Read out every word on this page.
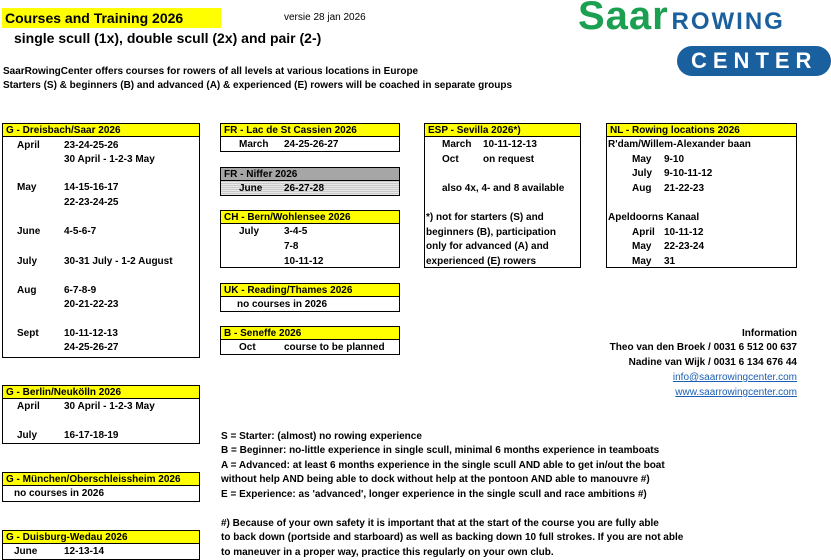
Courses and Training 2026	versie 28 jan 2026
single scull (1x), double scull (2x) and pair (2-)
SaarRowingCenter offers courses for rowers of all levels at various locations in Europe
Starters (S) & beginners (B) and advanced (A) & experienced (E) rowers will be coached in separate groups
Saar ROWING
CENTER
G - Dreisbach/Saar 2026
April 23-24-25-26
30 April - 1-2-3 May
May	14-15-16-17
22-23-24-25
June 4-5-6-7
July	30-31 July - 1-2 August
Aug	6-7-8-9
20-21-22-23
Sept	10-11-12-13
24-25-26-27
G - Berlin/Neukölln 2026
April 30 April - 1-2-3 May
July	16-17-18-19
G - München/Oberschleissheim 2026
no courses in 2026
G - Duisburg-Wedau 2026
June	12-13-14
FR - Lac de St Cassien 2026
March 24-25-26-27
FR - Niffer 2026
June 26-27-28
CH - Bern/Wohlensee 2026
July 3-4-5
7-8
10-11-12
UK - Reading/Thames 2026
no courses in 2026
B - Seneffe 2026
Oct	course to be planned
ESP - Sevilla 2026*)
March 10-11-12-13
Oct on request
also 4x, 4- and 8 available
*) not for starters (S) and
beginners (B), participation
only for advanced (A) and
experienced (E) rowers
NL - Rowing locations 2026
R'dam/Willem-Alexander baan
May 9-10
July 9-10-11-12
Aug 21-22-23
Apeldoorns Kanaal
April 10-11-12
May 22-23-24
May 31
Information
Theo van den Broek / 0031 6 512 00 637
Nadine van Wijk / 0031 6 134 676 44
info@saarrowingcenter.com
www.saarrowingcenter.com
S = Starter: (almost) no rowing experience
B = Beginner: no-little experience in single scull, minimal 6 months experience in teamboats
A = Advanced: at least 6 months experience in the single scull AND able to get in/out the boat
without help AND being able to dock without help at the pontoon AND able to manouvre #)
E = Experience: as 'advanced', longer experience in the single scull and race ambitions #)
#) Because of your own safety it is important that at the start of the course you are fully able
to back down (portside and starboard) as well as backing down 10 full strokes. If you are not able
to maneuver in a proper way, practice this regularly on your own club.
